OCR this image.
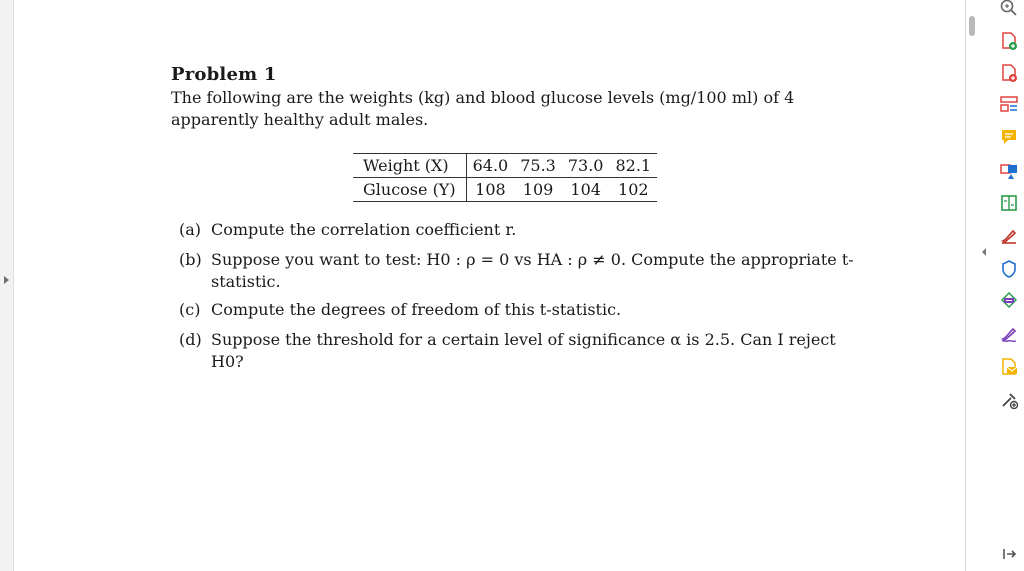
Problem 1
The following are the weights (kg) and blood glucose levels (mg/100 ml) of 4 apparently healthy adult males.
Weight (X)	64.0	75.3	73.0	82.1
Glucose (Y)	108	109	104	102
(a) Compute the correlation coefficient r.
(b) Suppose you want to test: H0 : ρ = 0 vs HA : ρ ≠ 0. Compute the appropriate t-statistic.
(c) Compute the degrees of freedom of this t-statistic.
(d) Suppose the threshold for a certain level of significance α is 2.5. Can I reject H0?
